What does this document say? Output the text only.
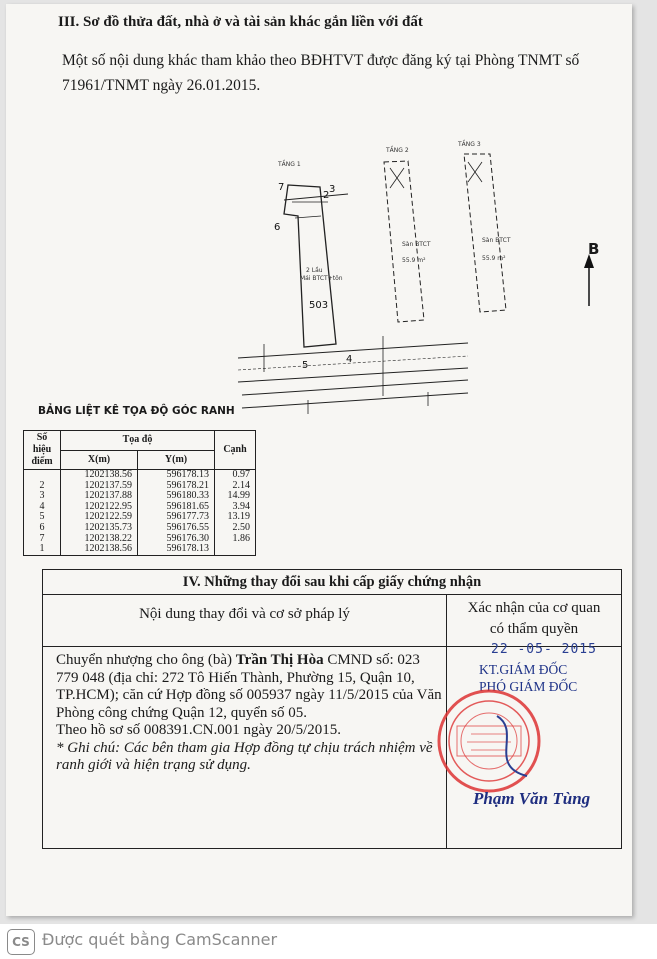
III. Sơ đồ thửa đất, nhà ở và tài sản khác gắn liền với đất
Một số nội dung khác tham khảo theo BĐHTVT được đăng ký tại Phòng TNMT số 71961/TNMT ngày 26.01.2015.
TẦNG 1
2 Lầu
Mái BTCT+tôn
503
7
2
3
6
5
4
TẦNG 2
Sàn BTCT
55.9 m²
TẦNG 3
Sàn BTCT
55.9 m²
B
BẢNG LIỆT KÊ TỌA ĐỘ GÓC RANH
Số hiệu điểm	Tọa độ		Cạnh
	X(m)	Y(m)	
	1202138.56	596178.13	0.97
2	1202137.59	596178.21	2.14
3	1202137.88	596180.33	14.99
4	1202122.95	596181.65	3.94
5	1202122.59	596177.73	13.19
6	1202135.73	596176.55	2.50
7	1202138.22	596176.30	1.86
1	1202138.56	596178.13	
IV. Những thay đổi sau khi cấp giấy chứng nhận
Nội dung thay đổi và cơ sở pháp lý	Xác nhận của cơ quan
có thẩm quyền

Chuyển nhượng cho ông (bà) Trần Thị Hòa CMND số: 023 779 048 (địa chỉ: 272 Tô Hiến Thành, Phường 15, Quận 10, TP.HCM); căn cứ Hợp đồng số 005937 ngày 11/5/2015 của Văn Phòng công chứng Quận 12, quyển số 05.

Theo hồ sơ số 008391.CN.001 ngày 20/5/2015.

* Ghi chú: Các bên tham gia Hợp đồng tự chịu trách nhiệm về ranh giới và hiện trạng sử dụng.

22 -05- 2015
KT.GIÁM ĐỐC
PHÓ GIÁM ĐỐC
Phạm Văn Tùng
CS Được quét bằng CamScanner
